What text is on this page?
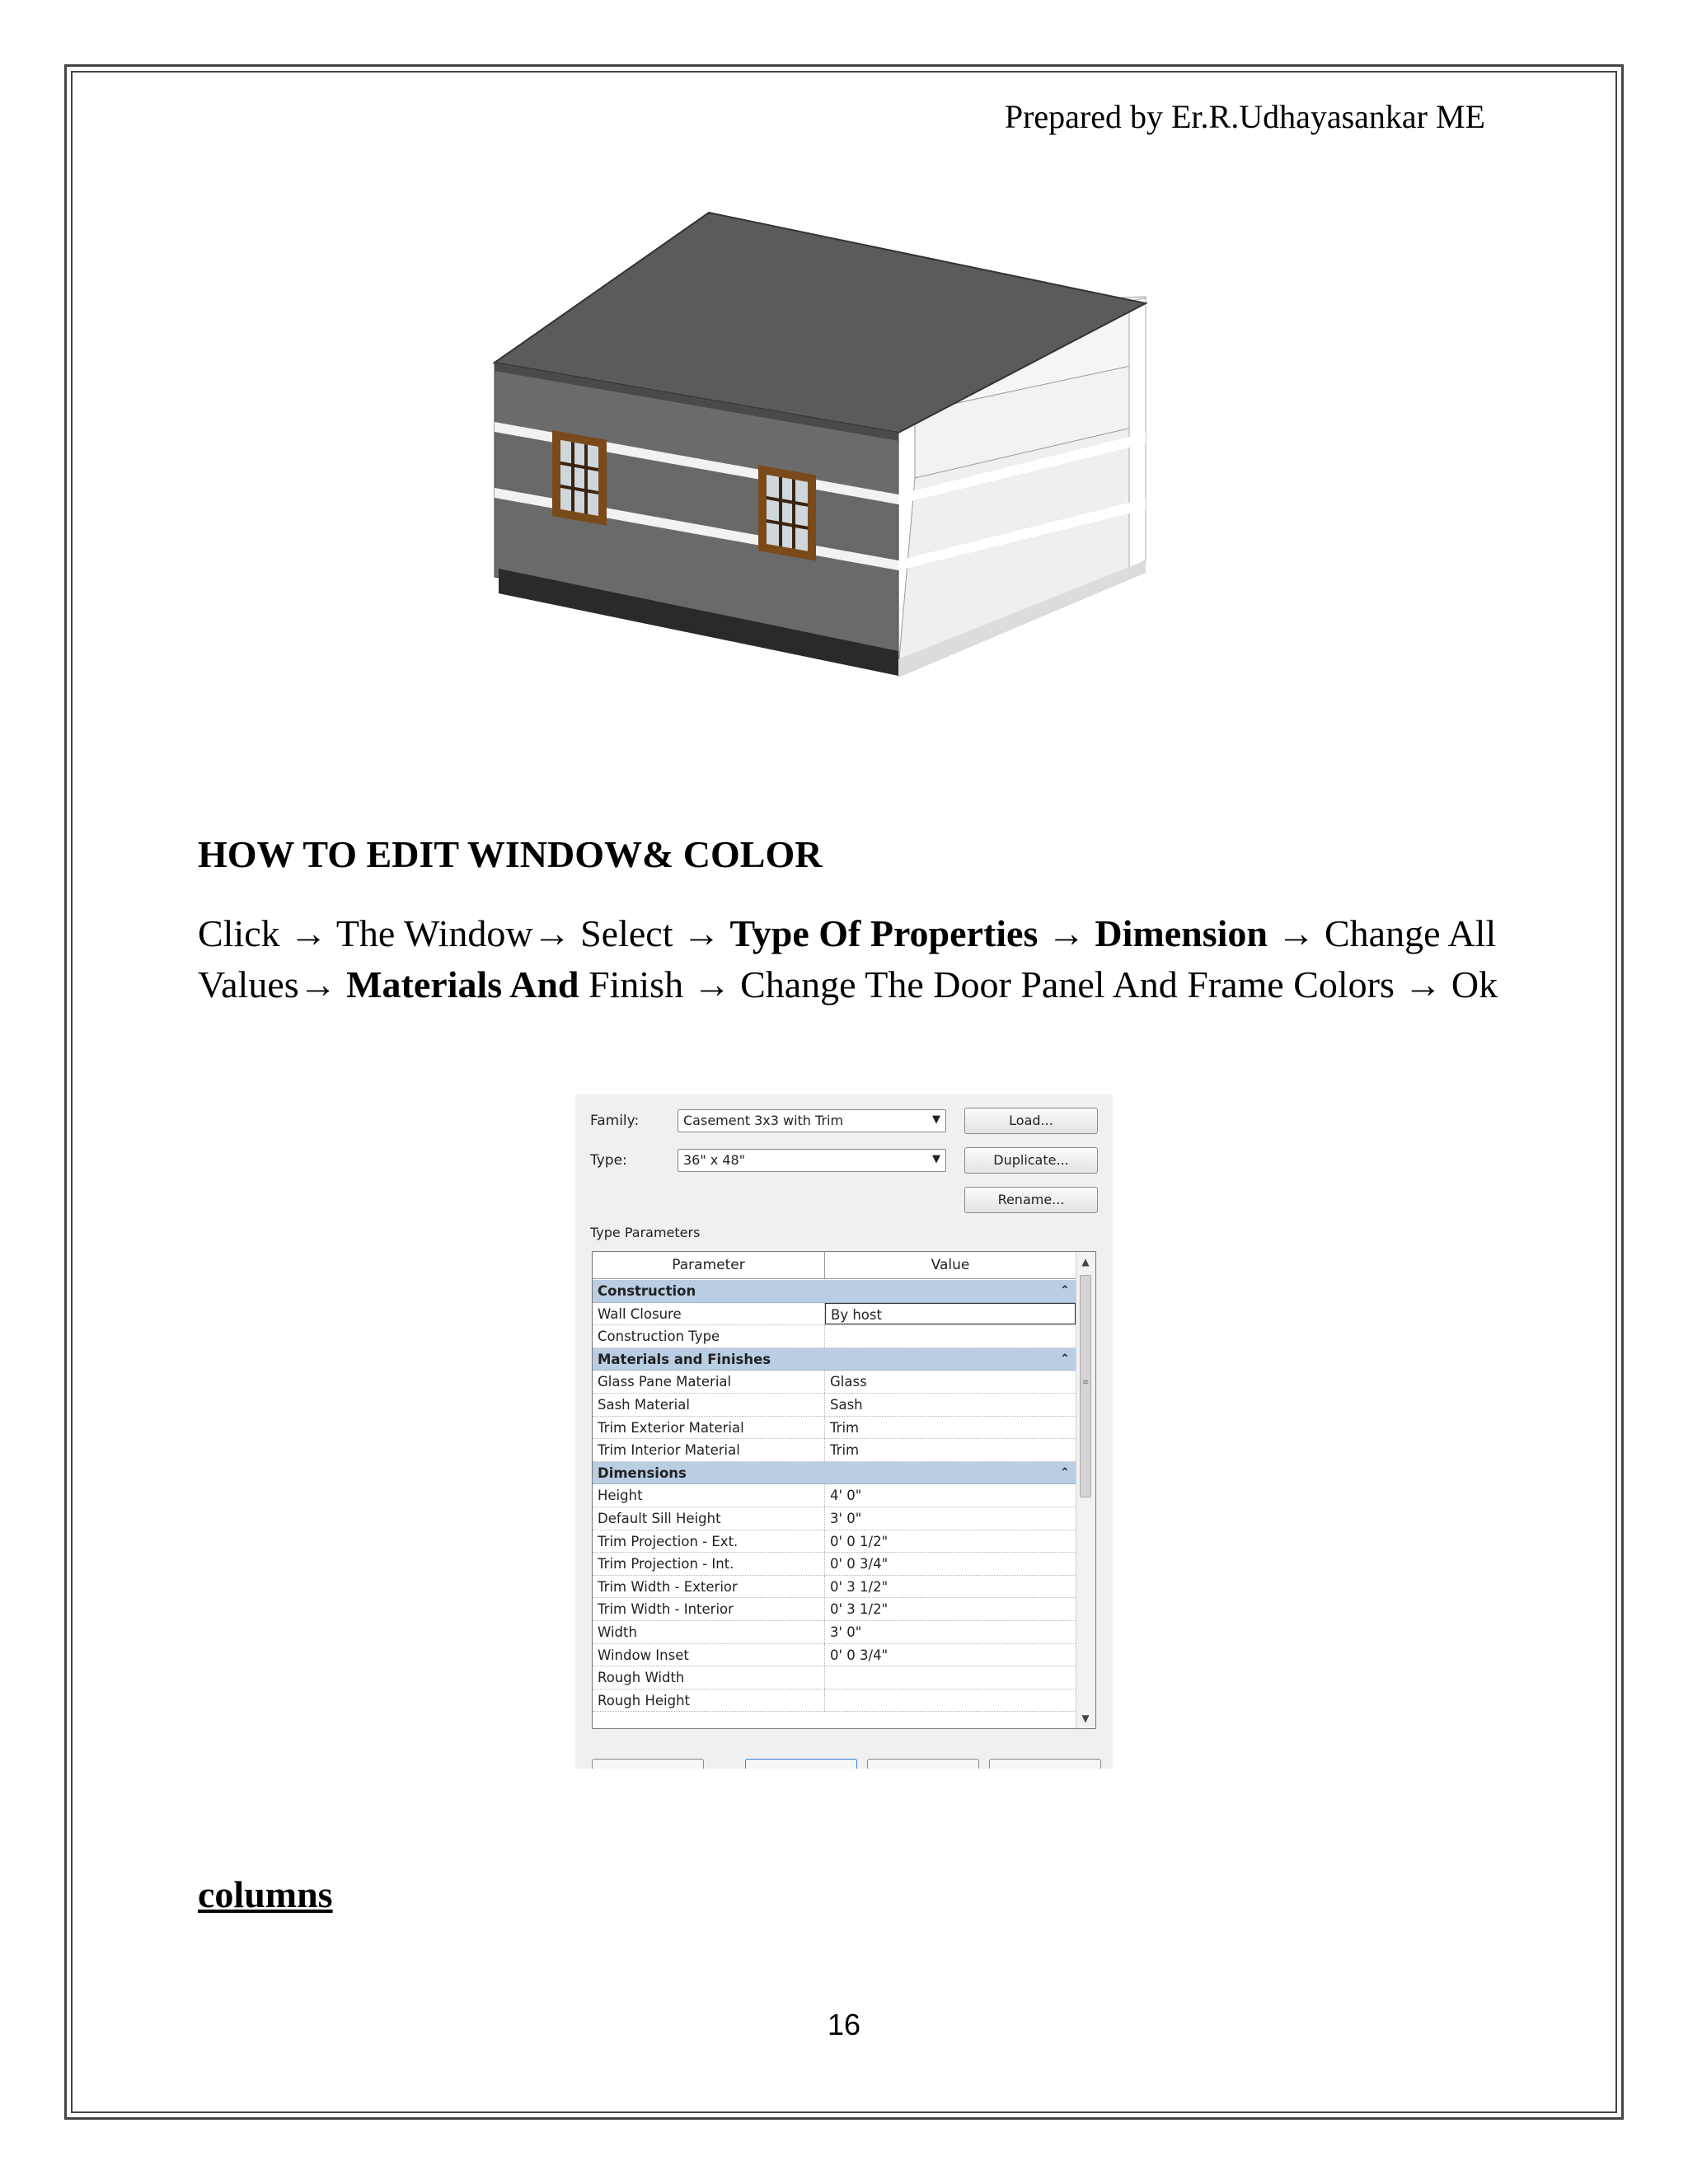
Prepared by Er.R.Udhayasankar ME
HOW TO EDIT WINDOW& COLOR
Click → The Window→ Select → Type Of Properties → Dimension → Change All Values→ Materials And Finish → Change The Door Panel And Frame Colors → Ok
Family:	Casement 3x3 with Trim	▼	Load...
Type:	36" x 48"	▼	Duplicate...
Rename...
Type Parameters
Parameter	Value
Construction	⌃
Wall Closure	By host
Construction Type
Materials and Finishes	⌃
Glass Pane Material	Glass
Sash Material	Sash
Trim Exterior Material	Trim
Trim Interior Material	Trim
Dimensions	⌃
Height	4' 0"
Default Sill Height	3' 0"
Trim Projection - Ext.	0' 0 1/2"
Trim Projection - Int.	0' 0 3/4"
Trim Width - Exterior	0' 3 1/2"
Trim Width - Interior	0' 3 1/2"
Width	3' 0"
Window Inset	0' 0 3/4"
Rough Width
Rough Height
▲
≡
▼
columns
16
